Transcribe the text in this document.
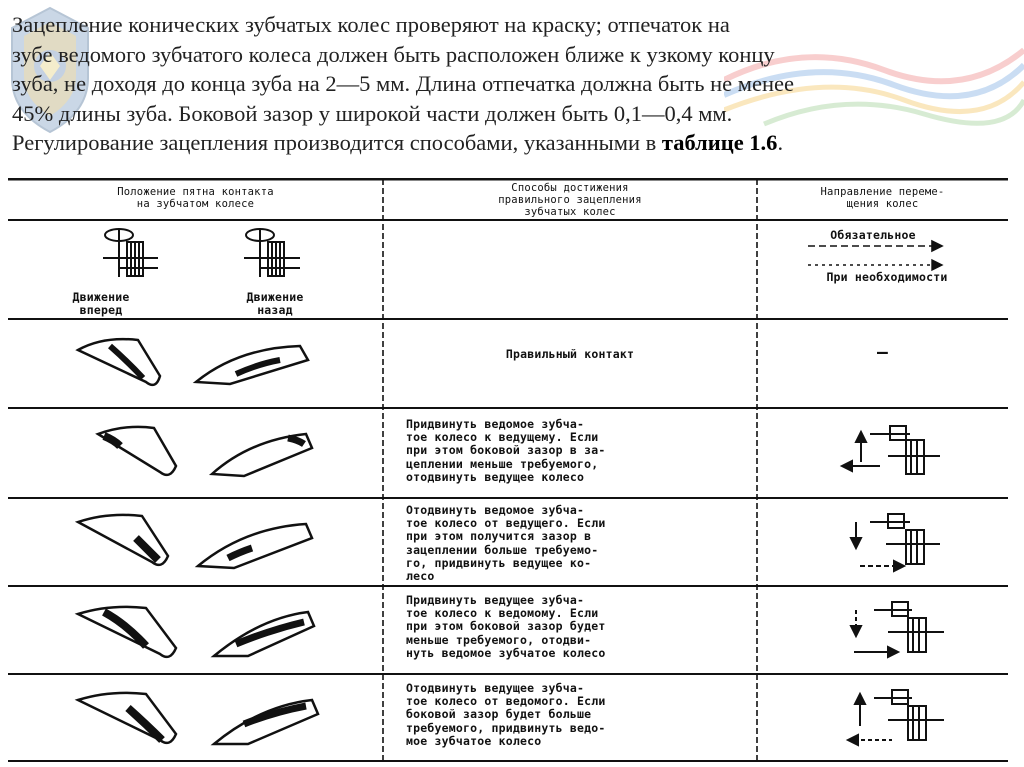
Зацепление конических зубчатых колес проверяют на краску; отпечаток на
зубе ведомого зубчатого колеса должен быть расположен ближе к узкому концу
зуба, не доходя до конца зуба на 2—5 мм. Длина отпечатка должна быть не менее
45% длины зуба. Боковой зазор у широкой части должен быть 0,1—0,4 мм.
Регулирование зацепления производится способами, указанными в таблице 1.6.
Положение пятна контакта
на зубчатом колесе
Способы достижения
правильного зацепления
зубчатых колес
Направление переме-
щения колес
Движение
вперед
Движение
назад
Обязательное
При необходимости
Правильный контакт	—
Придвинуть ведомое зубча-
тое колесо к ведущему. Если
при этом боковой зазор в за-
цеплении меньше требуемого,
отодвинуть ведущее колесо
Отодвинуть ведомое зубча-
тое колесо от ведущего. Если
при этом получится зазор в
зацеплении больше требуемо-
го, придвинуть ведущее ко-
лесо
Придвинуть ведущее зубча-
тое колесо к ведомому. Если
при этом боковой зазор будет
меньше требуемого, отодви-
нуть ведомое зубчатое колесо
Отодвинуть ведущее зубча-
тое колесо от ведомого. Если
боковой зазор будет больше
требуемого, придвинуть ведо-
мое зубчатое колесо
